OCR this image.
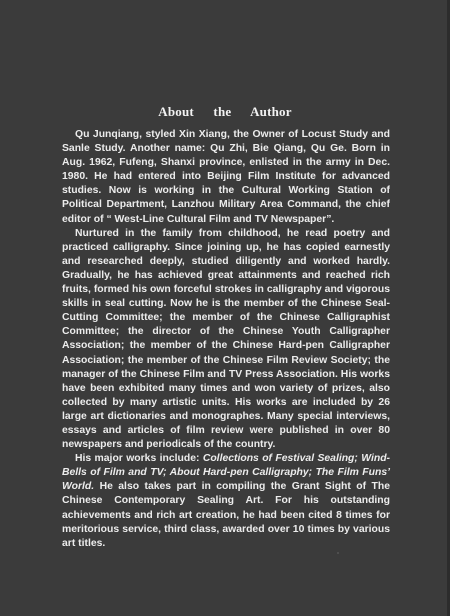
About the Author

Qu Junqiang, styled Xin Xiang, the Owner of Locust Study and Sanle Study. Another name: Qu Zhi, Bie Qiang, Qu Ge. Born in Aug. 1962, Fufeng, Shanxi province, enlisted in the army in Dec. 1980. He had entered into Beijing Film Institute for advanced studies. Now is working in the Cultural Working Station of Political Department, Lanzhou Military Area Command, the chief editor of “ West-Line Cultural Film and TV Newspaper”.

Nurtured in the family from childhood, he read poetry and practiced calligraphy. Since joining up, he has copied earnestly and researched deeply, studied diligently and worked hardly. Gradually, he has achieved great attainments and reached rich fruits, formed his own forceful strokes in calligraphy and vigorous skills in seal cutting. Now he is the member of the Chinese Seal-Cutting Committee; the member of the Chinese Calligraphist Committee; the director of the Chinese Youth Calligrapher Association; the member of the Chinese Hard-pen Calligrapher Association; the member of the Chinese Film Review Society; the manager of the Chinese Film and TV Press Association. His works have been exhibited many times and won variety of prizes, also collected by many artistic units. His works are included by 26 large art dictionaries and monographes. Many special interviews, essays and articles of film review were published in over 80 newspapers and periodicals of the country.

His major works include: Collections of Festival Sealing; Wind-Bells of Film and TV; About Hard-pen Calligraphy; The Film Funs’ World. He also takes part in compiling the Grant Sight of The Chinese Contemporary Sealing Art. For his outstanding achievements and rich art creation, he had been cited 8 times for meritorious service, third class, awarded over 10 times by various art titles.
